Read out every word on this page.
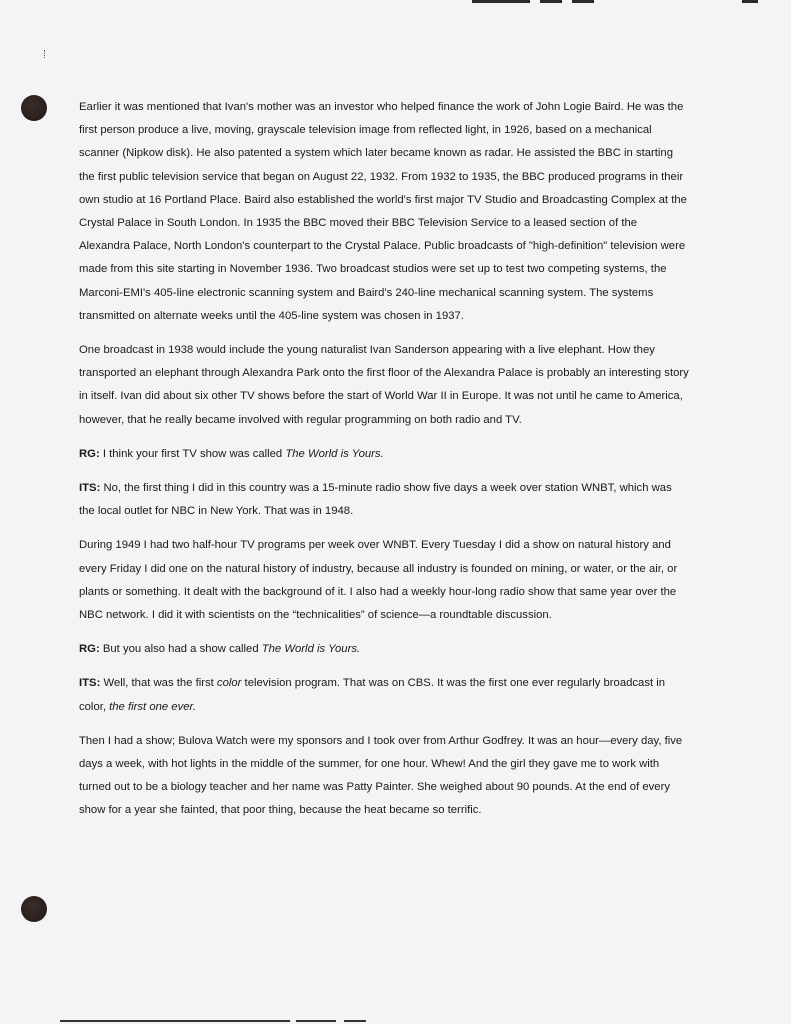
Earlier it was mentioned that Ivan's mother was an investor who helped finance the work of John Logie Baird. He was the first person produce a live, moving, grayscale television image from reflected light, in 1926, based on a mechanical scanner (Nipkow disk). He also patented a system which later became known as radar. He assisted the BBC in starting the first public television service that began on August 22, 1932. From 1932 to 1935, the BBC produced programs in their own studio at 16 Portland Place. Baird also established the world's first major TV Studio and Broadcasting Complex at the Crystal Palace in South London. In 1935 the BBC moved their BBC Television Service to a leased section of the Alexandra Palace, North London's counterpart to the Crystal Palace. Public broadcasts of "high-definition" television were made from this site starting in November 1936. Two broadcast studios were set up to test two competing systems, the Marconi-EMI's 405-line electronic scanning system and Baird's 240-line mechanical scanning system. The systems transmitted on alternate weeks until the 405-line system was chosen in 1937.

One broadcast in 1938 would include the young naturalist Ivan Sanderson appearing with a live elephant. How they transported an elephant through Alexandra Park onto the first floor of the Alexandra Palace is probably an interesting story in itself. Ivan did about six other TV shows before the start of World War II in Europe. It was not until he came to America, however, that he really became involved with regular programming on both radio and TV.

RG: I think your first TV show was called The World is Yours.

ITS: No, the first thing I did in this country was a 15-minute radio show five days a week over station WNBT, which was the local outlet for NBC in New York. That was in 1948.

During 1949 I had two half-hour TV programs per week over WNBT. Every Tuesday I did a show on natural history and every Friday I did one on the natural history of industry, because all industry is founded on mining, or water, or the air, or plants or something. It dealt with the background of it. I also had a weekly hour-long radio show that same year over the NBC network. I did it with scientists on the “technicalities” of science—a roundtable discussion.

RG: But you also had a show called The World is Yours.

ITS: Well, that was the first color television program. That was on CBS. It was the first one ever regularly broadcast in color, the first one ever.

Then I had a show; Bulova Watch were my sponsors and I took over from Arthur Godfrey. It was an hour—every day, five days a week, with hot lights in the middle of the summer, for one hour. Whew! And the girl they gave me to work with turned out to be a biology teacher and her name was Patty Painter. She weighed about 90 pounds. At the end of every show for a year she fainted, that poor thing, because the heat became so terrific.
